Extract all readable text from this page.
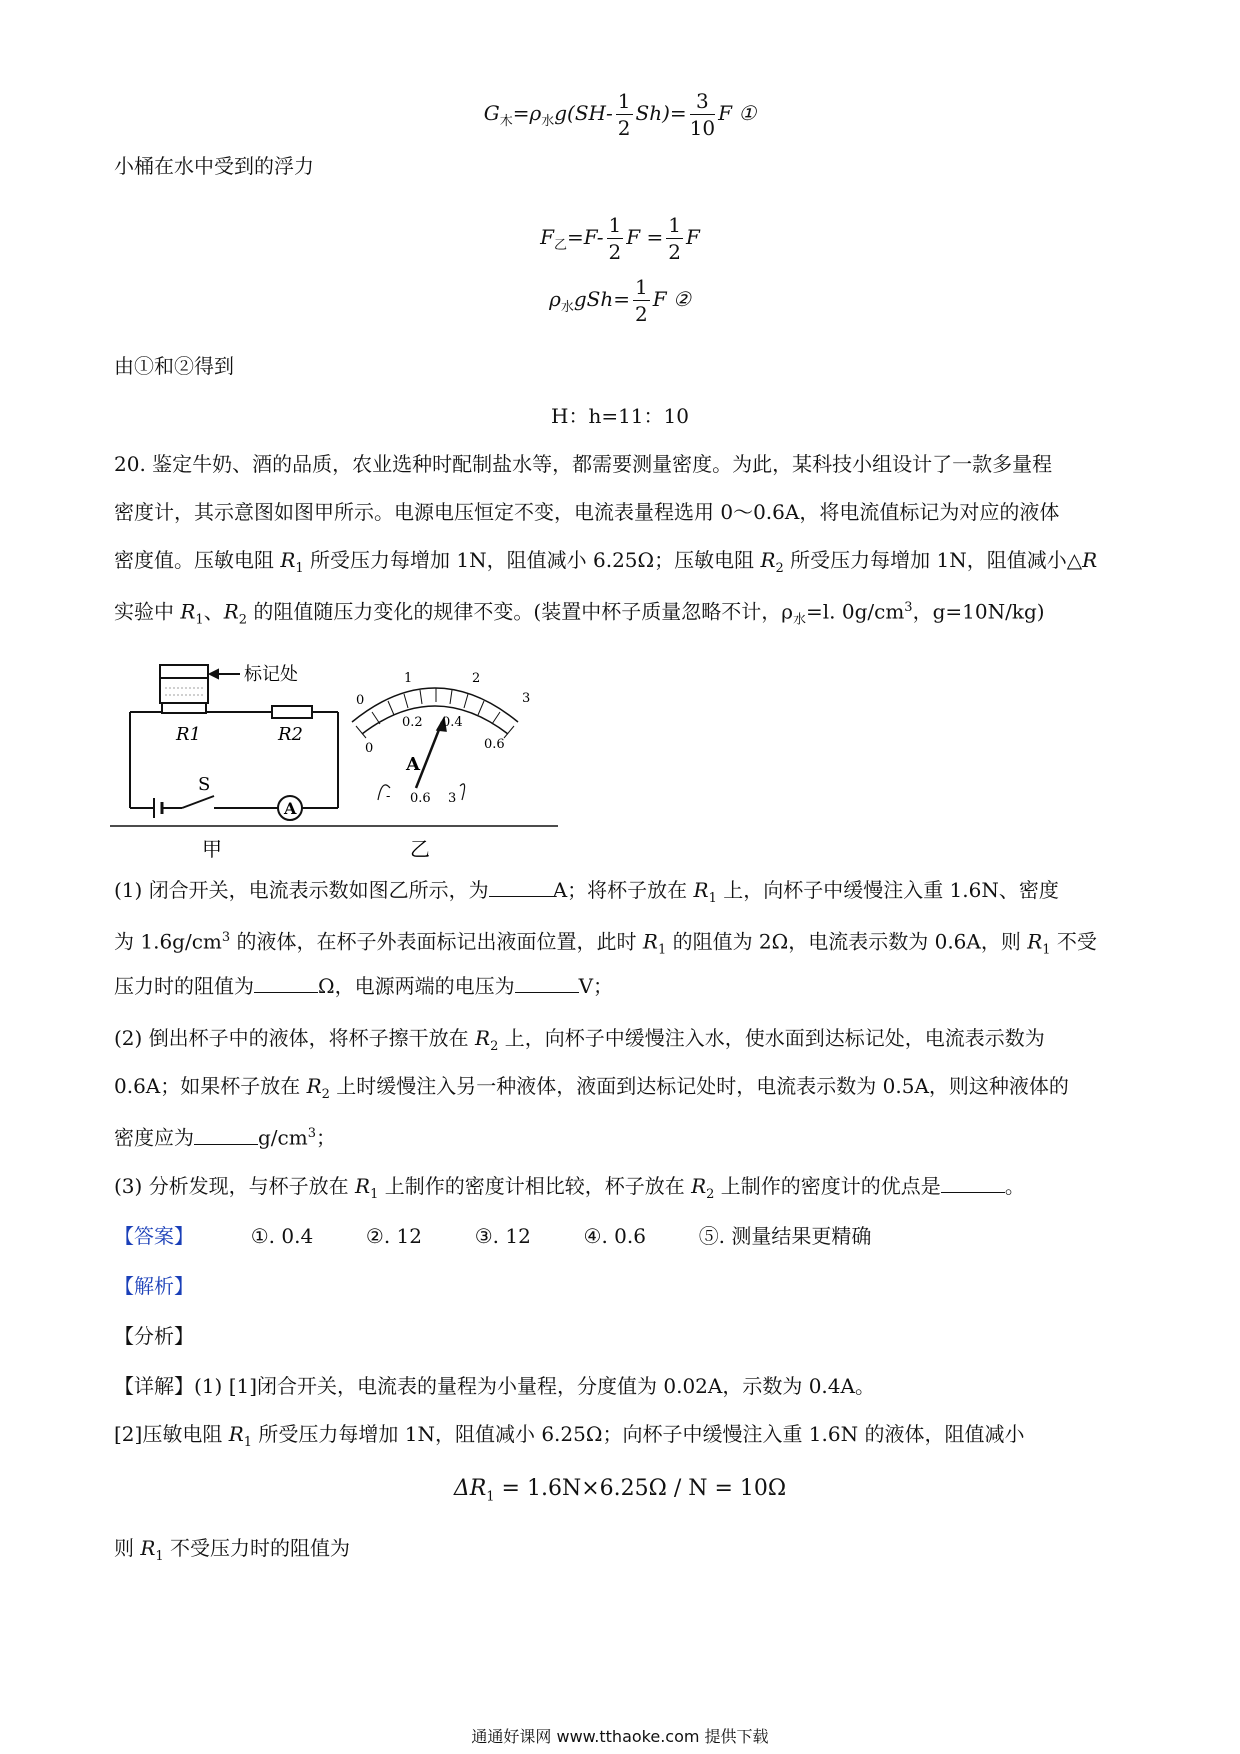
$G_木=\rho_水g(SH- \frac{1}{2} Sh)= \frac{3}{10}$ F ①
小桶在水中受到的浮力
$F_乙=F- \frac{1}{2}$ $F = \frac{1}{2}$ F
$\rho_水gSh= \frac{1}{2}$ F ②
由①和②得到
H：h=11：10
20. 鉴定牛奶、酒的品质，农业选种时配制盐水等，都需要测量密度。为此，某科技小组设计了一款多量程
密度计，其示意图如图甲所示。电源电压恒定不变，电流表量程选用 0～0.6A，将电流值标记为对应的液体
密度值。压敏电阻 $R_1$ 所受压力每增加 1N，阻值减小 6.25Ω；压敏电阻 $R_2$ 所受压力每增加 1N，阻值减小△R
实验中 $R_1$、$R_2$ 的阻值随压力变化的规律不变。(装置中杯子质量忽略不计，$\rho_水=l$. $0g/cm^3$，g=10N/kg)
标记处
R1	R2
S
A
0
1	2
3
0
0.2 0.4
0.6
A
- 0.6 3
甲	乙
(1) 闭合开关，电流表示数如图乙所示，为	A；将杯子放在 $R_1$ 上，向杯子中缓慢注入重 1.6N、密度
为 $1.6g/cm^3$ 的液体，在杯子外表面标记出液面位置，此时 $R_1$ 的阻值为 2Ω，电流表示数为 0.6A，则 $R_1$ 不受
压力时的阻值为	Ω，电源两端的电压为	V；
(2) 倒出杯子中的液体，将杯子擦干放在 $R_2$ 上，向杯子中缓慢注入水，使水面到达标记处，电流表示数为
0.6A；如果杯子放在 $R_2$ 上时缓慢注入另一种液体，液面到达标记处时，电流表示数为 0.5A，则这种液体的
密度应为	$g/cm^3$；
(3) 分析发现，与杯子放在 $R_1$ 上制作的密度计相比较，杯子放在 $R_2$ 上制作的密度计的优点是	。
【答案】	①. 0.4	②. 12	③. 12	④. 0.6	⑤. 测量结果更精确
【解析】
【分析】
【详解】(1) [1]闭合开关，电流表的量程为小量程，分度值为 0.02A，示数为 0.4A。
[2]压敏电阻 $R_1$ 所受压力每增加 1N，阻值减小 6.25Ω；向杯子中缓慢注入重 1.6N 的液体，阻值减小
$\Delta R_1 = 1.6N\times 6.25\Omega / N = 10\Omega$
则 $R_1$ 不受压力时的阻值为
通通好课网 www.tthaoke.com 提供下载
